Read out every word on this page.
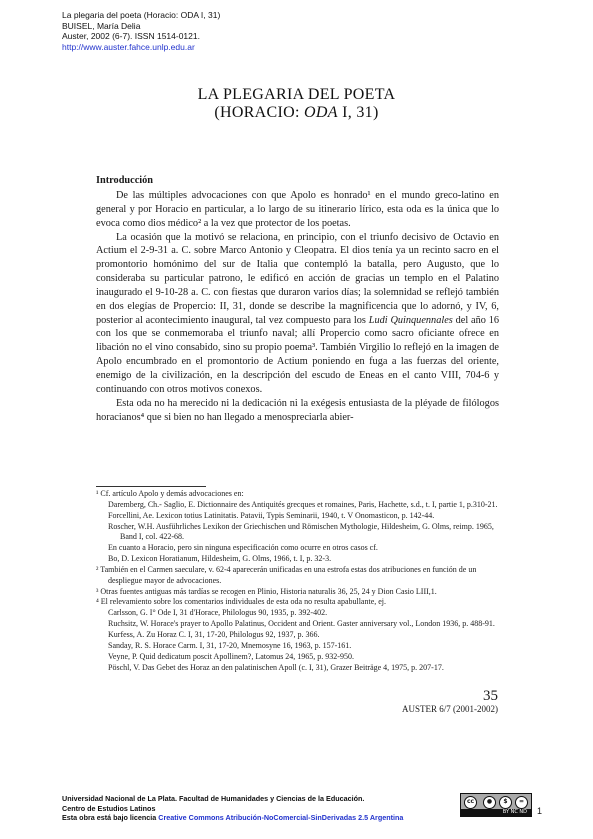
La plegaria del poeta (Horacio: ODA I, 31)
BUISEL, María Delia
Auster, 2002 (6-7). ISSN 1514-0121.
http://www.auster.fahce.unlp.edu.ar
LA PLEGARIA DEL POETA
(HORACIO: ODA I, 31)
Introducción

De las múltiples advocaciones con que Apolo es honrado¹ en el mundo greco-latino en general y por Horacio en particular, a lo largo de su itinerario lírico, esta oda es la única que lo evoca como dios médico² a la vez que protector de los poetas.

La ocasión que la motivó se relaciona, en principio, con el triunfo decisivo de Octavio en Actium el 2-9-31 a. C. sobre Marco Antonio y Cleopatra. El dios tenía ya un recinto sacro en el promontorio homónimo del sur de Italia que contempló la batalla, pero Augusto, que lo consideraba su particular patrono, le edificó en acción de gracias un templo en el Palatino inaugurado el 9-10-28 a. C. con fiestas que duraron varios días; la solemnidad se reflejó también en dos elegías de Propercio: II, 31, donde se describe la magnificencia que lo adornó, y IV, 6, posterior al acontecimiento inaugural, tal vez compuesto para los Ludi Quinquennales del año 16 con los que se conmemoraba el triunfo naval; allí Propercio como sacro oficiante ofrece en libación no el vino consabido, sino su propio poema³. También Virgilio lo reflejó en la imagen de Apolo encumbrado en el promontorio de Actium poniendo en fuga a las fuerzas del oriente, enemigo de la civilización, en la descripción del escudo de Eneas en el canto VIII, 704-6 y continuando con otros motivos conexos.

Esta oda no ha merecido ni la dedicación ni la exégesis entusiasta de la pléyade de filólogos horacianos⁴ que si bien no han llegado a menospreciarla abier-

¹ Cf. artículo Apolo y demás advocaciones en:

Daremberg, Ch.- Saglio, E. Dictionnaire des Antiquités grecques et romaines, Paris, Hachette, s.d., t. I, partie 1, p.310-21.

Forcellini, Ae. Lexicon totius Latinitatis. Patavii, Typis Seminarii, 1940, t. V Onomasticon, p. 142-44.

Roscher, W.H. Ausführliches Lexikon der Griechischen und Römischen Mythologie, Hildesheim, G. Olms, reimp. 1965, Band I, col. 422-68.

En cuanto a Horacio, pero sin ninguna especificación como ocurre en otros casos cf.

Bo, D. Lexicon Horatianum, Hildesheim, G. Olms, 1966, t. I, p. 32-3.

² También en el Carmen saeculare, v. 62-4 aparecerán unificadas en una estrofa estas dos atribuciones en función de un despliegue mayor de advocaciones.

³ Otras fuentes antiguas más tardías se recogen en Plinio, Historia naturalis 36, 25, 24 y Dion Casio LIII,1.

⁴ El relevamiento sobre los comentarios individuales de esta oda no resulta apabullante, ej.

Carlsson, G. I° Ode I, 31 d'Horace, Philologus 90, 1935, p. 392-402.

Ruchsitz, W. Horace's prayer to Apollo Palatinus, Occident and Orient. Gaster anniversary vol., London 1936, p. 488-91.

Kurfess, A. Zu Horaz C. I, 31, 17-20, Philologus 92, 1937, p. 366.

Sanday, R. S. Horace Carm. I, 31, 17-20, Mnemosyne 16, 1963, p. 157-161.

Veyne, P. Quid dedicatum poscit Apollinem?, Latomus 24, 1965, p. 932-950.

Pöschl, V. Das Gebet des Horaz an den palatinischen Apoll (c. I, 31), Grazer Beiträge 4, 1975, p. 207-17.

35
AUSTER 6/7 (2001-2002)
Universidad Nacional de La Plata. Facultad de Humanidades y Ciencias de la Educación.
Centro de Estudios Latinos
Esta obra está bajo licencia Creative Commons Atribución-NoComercial-SinDerivadas 2.5 Argentina
cc	●	$	=
BY NC ND	1
